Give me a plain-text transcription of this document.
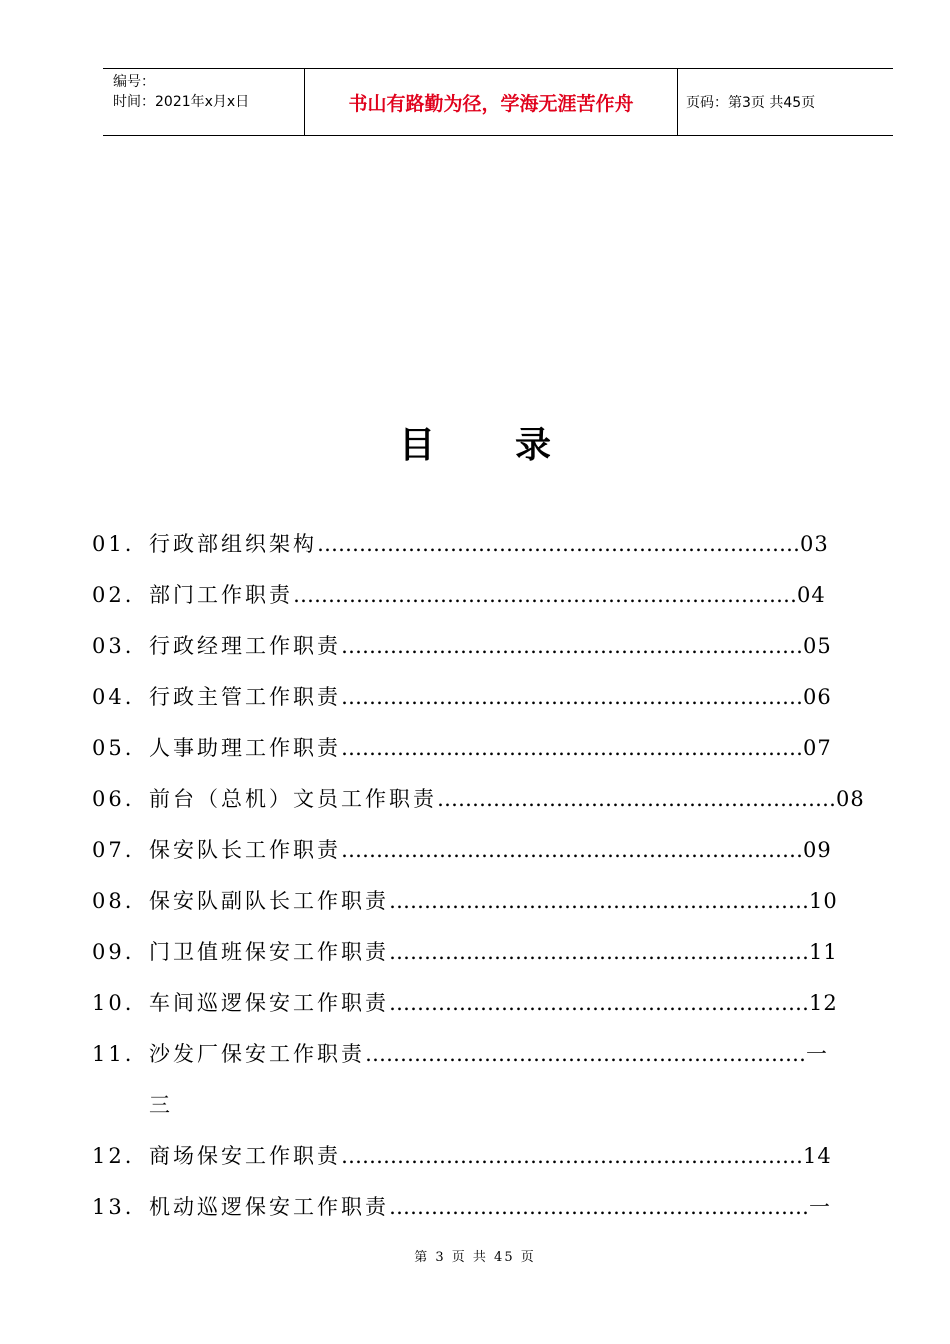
编号：
时间：2021年x月x日	书山有路勤为径，学海无涯苦作舟	页码：第3页 共45页
目 录
01. 行政部组织架构 …………………………………………………………… 03
02. 部门工作职责 ……………………………………………………………… 04
03. 行政经理工作职责 ………………………………………………………… 05
04. 行政主管工作职责 ………………………………………………………… 06
05. 人事助理工作职责 ………………………………………………………… 07
06. 前台（总机）文员工作职责 ………………………………………………… 08
07. 保安队长工作职责 ………………………………………………………… 09
08. 保安队副队长工作职责 …………………………………………………… 10
09. 门卫值班保安工作职责 …………………………………………………… 11
10. 车间巡逻保安工作职责 …………………………………………………… 12
11. 沙发厂保安工作职责 ……………………………………………………… 一
三
12. 商场保安工作职责 ………………………………………………………… 14
13. 机动巡逻保安工作职责 …………………………………………………… 一
第 3 页 共 45 页
